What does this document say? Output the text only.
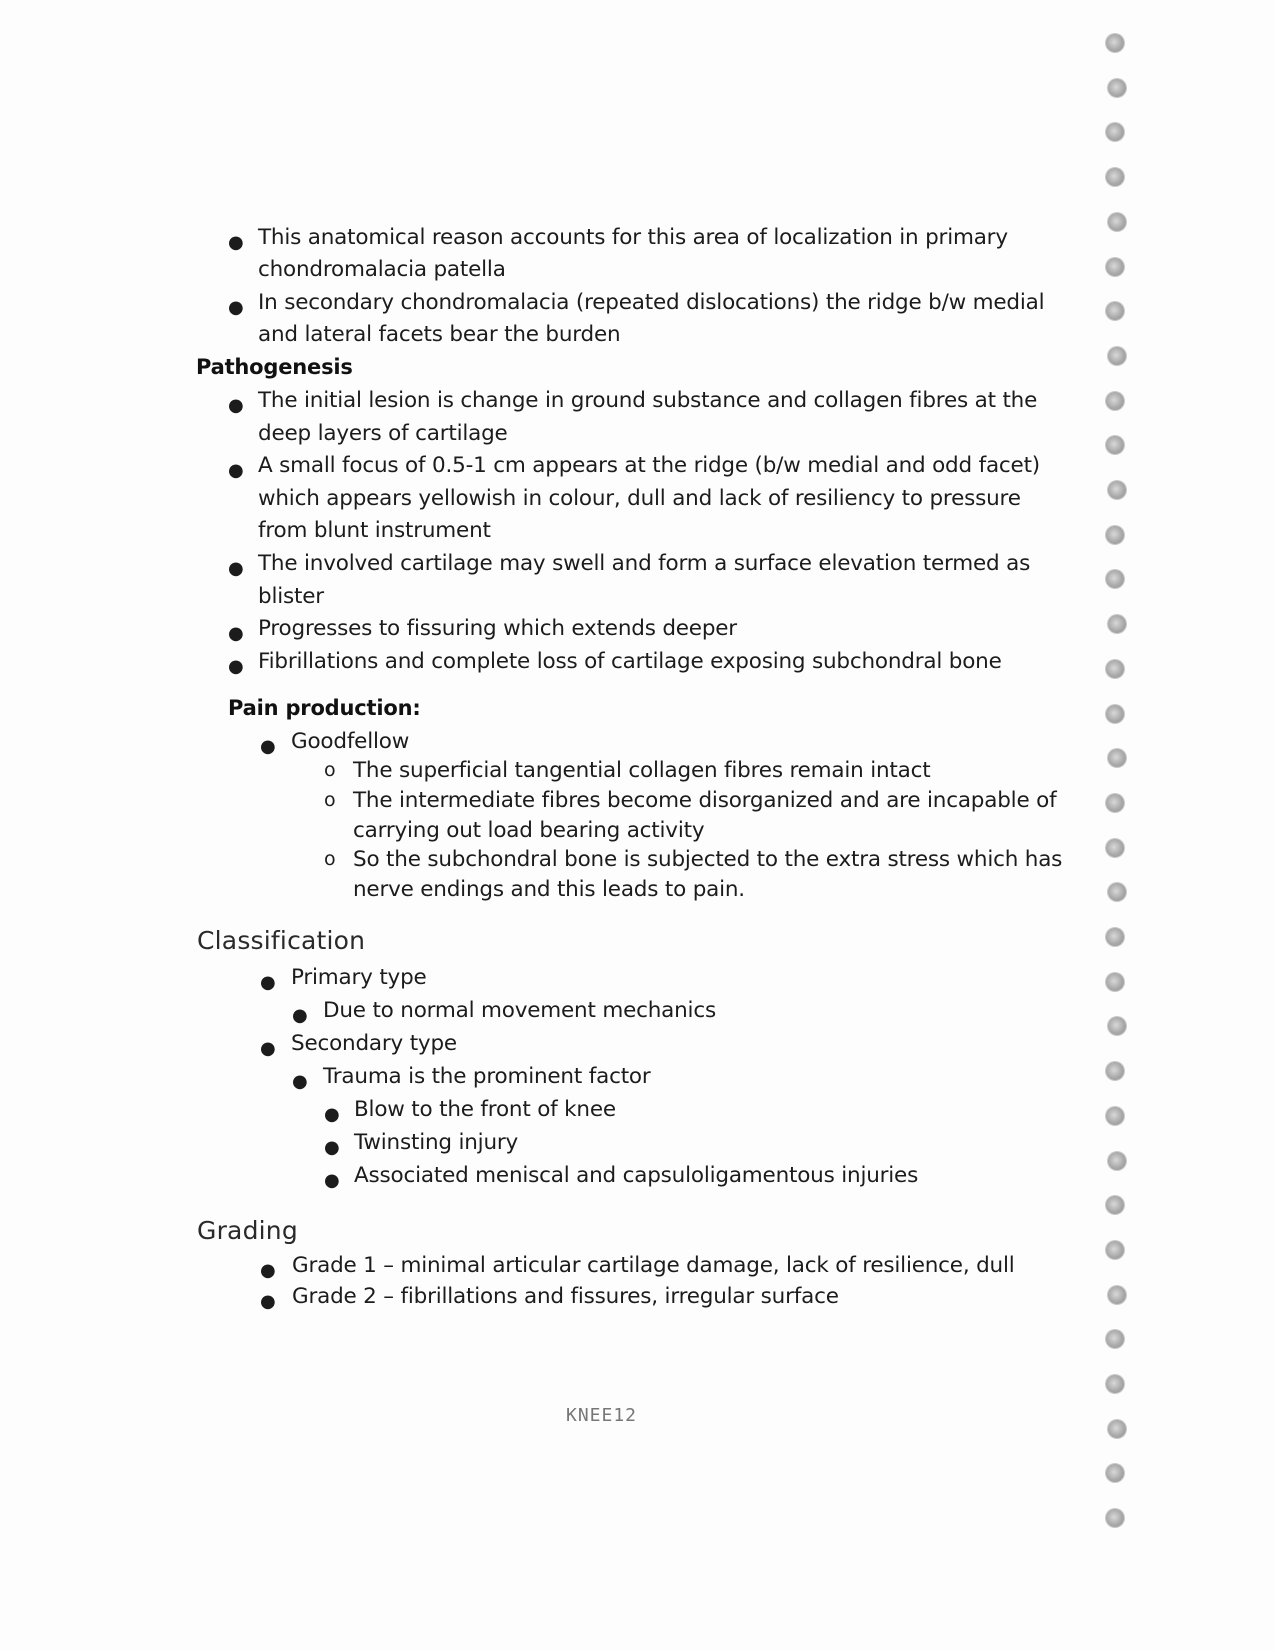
● This anatomical reason accounts for this area of localization in primary
chondromalacia patella
● In secondary chondromalacia (repeated dislocations) the ridge b/w medial
and lateral facets bear the burden
Pathogenesis
● The initial lesion is change in ground substance and collagen fibres at the
deep layers of cartilage
● A small focus of 0.5-1 cm appears at the ridge (b/w medial and odd facet)
which appears yellowish in colour, dull and lack of resiliency to pressure
from blunt instrument
● The involved cartilage may swell and form a surface elevation termed as
blister
● Progresses to fissuring which extends deeper
● Fibrillations and complete loss of cartilage exposing subchondral bone
Pain production:
● Goodfellow
o The superficial tangential collagen fibres remain intact
o The intermediate fibres become disorganized and are incapable of
carrying out load bearing activity
o So the subchondral bone is subjected to the extra stress which has
nerve endings and this leads to pain.
Classification
● Primary type
● Due to normal movement mechanics
● Secondary type
● Trauma is the prominent factor
● Blow to the front of knee
● Twinsting injury
● Associated meniscal and capsuloligamentous injuries
Grading
● Grade 1 – minimal articular cartilage damage, lack of resilience, dull
● Grade 2 – fibrillations and fissures, irregular surface
KNEE12
